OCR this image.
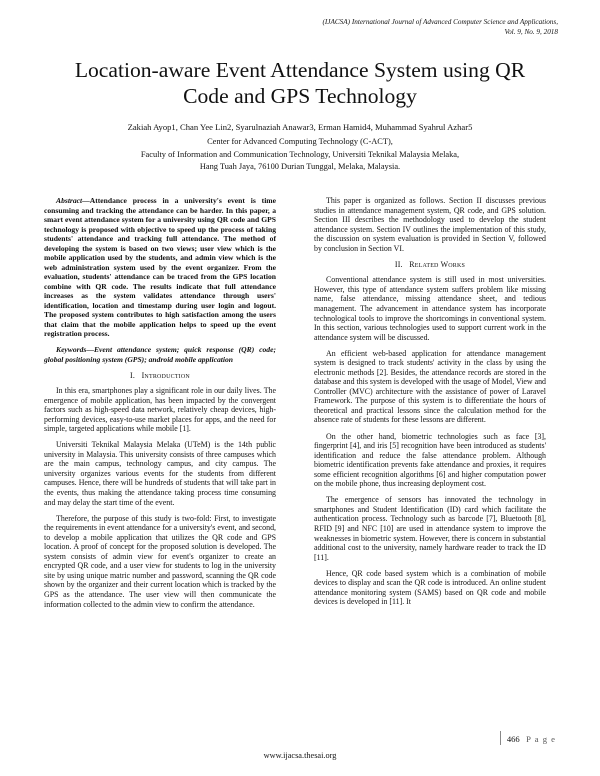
(IJACSA) International Journal of Advanced Computer Science and Applications,
Vol. 9, No. 9, 2018
Location-aware Event Attendance System using QR
Code and GPS Technology
Zakiah Ayop1, Chan Yee Lin2, Syarulnaziah Anawar3, Erman Hamid4, Muhammad Syahrul Azhar5
Center for Advanced Computing Technology (C-ACT),
Faculty of Information and Communication Technology, Universiti Teknikal Malaysia Melaka,
Hang Tuah Jaya, 76100 Durian Tunggal, Melaka, Malaysia.

Abstract—Attendance process in a university's event is time consuming and tracking the attendance can be harder. In this paper, a smart event attendance system for a university using QR code and GPS technology is proposed with objective to speed up the process of taking students' attendance and tracking full attendance. The method of developing the system is based on two views; user view which is the mobile application used by the students, and admin view which is the web administration system used by the event organizer. From the evaluation, students' attendance can be traced from the GPS location combine with QR code. The results indicate that full attendance increases as the system validates attendance through users' identification, location and timestamp during user login and logout. The proposed system contributes to high satisfaction among the users that claim that the mobile application helps to speed up the event registration process.

Keywords—Event attendance system; quick response (QR) code; global positioning system (GPS); android mobile application

I. Introduction

In this era, smartphones play a significant role in our daily lives. The emergence of mobile application, has been impacted by the convergent factors such as high-speed data network, relatively cheap devices, high-performing devices, easy-to-use market places for apps, and the need for simple, targeted applications while mobile [1].

Universiti Teknikal Malaysia Melaka (UTeM) is the 14th public university in Malaysia. This university consists of three campuses which are the main campus, technology campus, and city campus. The university organizes various events for the students from different campuses. Hence, there will be hundreds of students that will take part in the events, thus making the attendance taking process time consuming and may delay the start time of the event.

Therefore, the purpose of this study is two-fold: First, to investigate the requirements in event attendance for a university's event, and second, to develop a mobile application that utilizes the QR code and GPS location. A proof of concept for the proposed solution is developed. The system consists of admin view for event's organizer to create an encrypted QR code, and a user view for students to log in the university site by using unique matric number and password, scanning the QR code shown by the organizer and their current location which is tracked by the GPS as the attendance. The user view will then communicate the information collected to the admin view to confirm the attendance.

This paper is organized as follows. Section II discusses previous studies in attendance management system, QR code, and GPS solution. Section III describes the methodology used to develop the student attendance system. Section IV outlines the implementation of this study, the discussion on system evaluation is provided in Section V, followed by conclusion in Section VI.

II. Related Works

Conventional attendance system is still used in most universities. However, this type of attendance system suffers problem like missing name, false attendance, missing attendance sheet, and tedious management. The advancement in attendance system has incorporate technological tools to improve the shortcomings in conventional system. In this section, various technologies used to support current work in the attendance system will be discussed.

An efficient web-based application for attendance management system is designed to track students' activity in the class by using the electronic methods [2]. Besides, the attendance records are stored in the database and this system is developed with the usage of Model, View and Controller (MVC) architecture with the assistance of power of Laravel Framework. The purpose of this system is to differentiate the hours of theoretical and practical lessons since the calculation method for the absence rate of students for these lessons are different.

On the other hand, biometric technologies such as face [3], fingerprint [4], and iris [5] recognition have been introduced as students' identification and reduce the false attendance problem. Although biometric identification prevents fake attendance and proxies, it requires some efficient recognition algorithms [6] and higher computation power on the mobile phone, thus increasing deployment cost.

The emergence of sensors has innovated the technology in smartphones and Student Identification (ID) card which facilitate the authentication process. Technology such as barcode [7], Bluetooth [8], RFID [9] and NFC [10] are used in attendance system to improve the weaknesses in biometric system. However, there is concern in substantial additional cost to the university, namely hardware reader to track the ID [11].

Hence, QR code based system which is a combination of mobile devices to display and scan the QR code is introduced. An online student attendance monitoring system (SAMS) based on QR code and mobile devices is developed in [11]. It

466 P a g e
www.ijacsa.thesai.org
